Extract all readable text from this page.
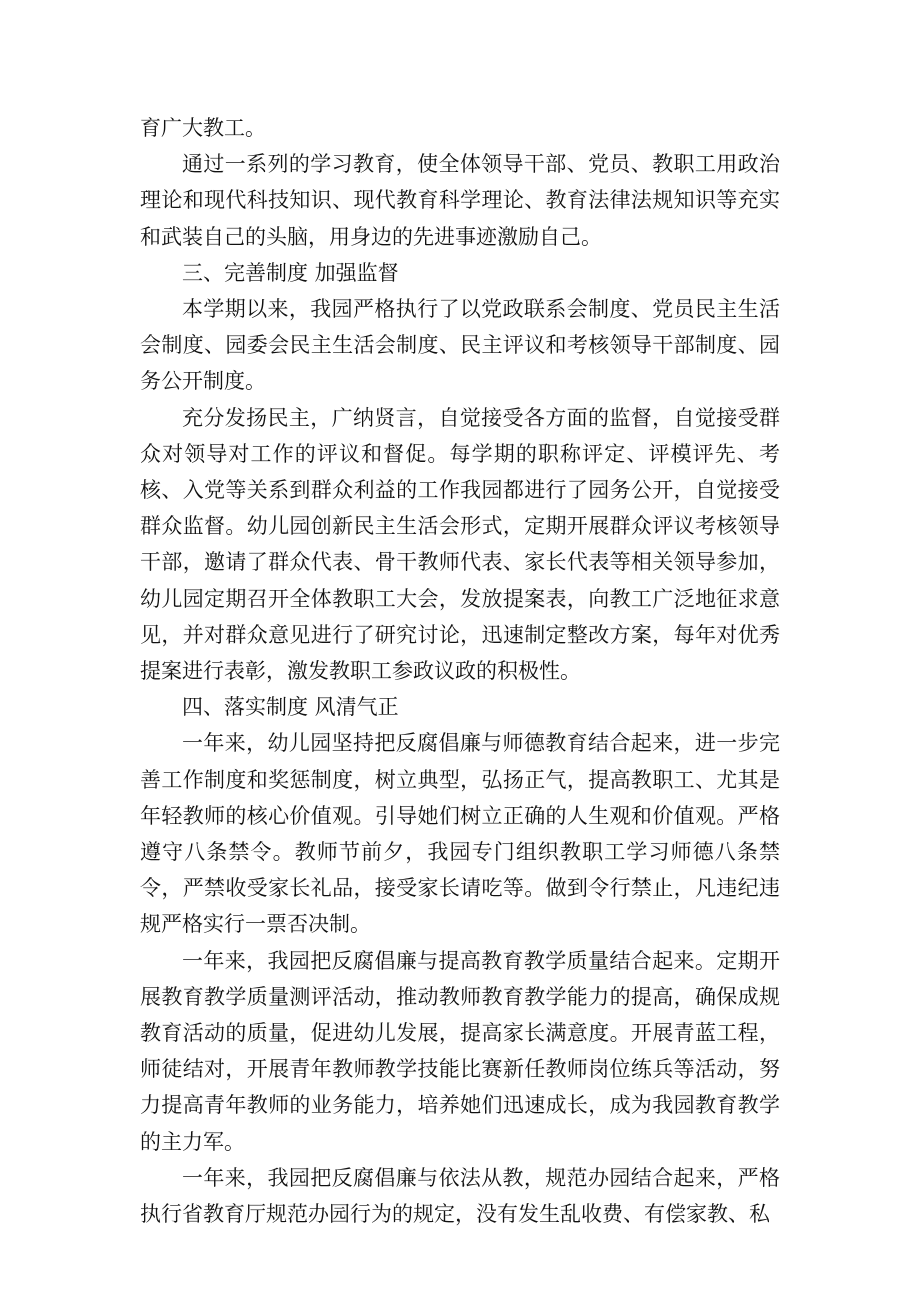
育广大教工。

通过一系列的学习教育，使全体领导干部、党员、教职工用政治理论和现代科技知识、现代教育科学理论、教育法律法规知识等充实和武装自己的头脑，用身边的先进事迹激励自己。

三、完善制度 加强监督

本学期以来，我园严格执行了以党政联系会制度、党员民主生活会制度、园委会民主生活会制度、民主评议和考核领导干部制度、园务公开制度。

充分发扬民主，广纳贤言，自觉接受各方面的监督，自觉接受群众对领导对工作的评议和督促。每学期的职称评定、评模评先、考核、入党等关系到群众利益的工作我园都进行了园务公开，自觉接受群众监督。幼儿园创新民主生活会形式，定期开展群众评议考核领导干部，邀请了群众代表、骨干教师代表、家长代表等相关领导参加，幼儿园定期召开全体教职工大会，发放提案表，向教工广泛地征求意见，并对群众意见进行了研究讨论，迅速制定整改方案，每年对优秀提案进行表彰，激发教职工参政议政的积极性。

四、落实制度 风清气正

一年来，幼儿园坚持把反腐倡廉与师德教育结合起来，进一步完善工作制度和奖惩制度，树立典型，弘扬正气，提高教职工、尤其是年轻教师的核心价值观。引导她们树立正确的人生观和价值观。严格遵守八条禁令。教师节前夕，我园专门组织教职工学习师德八条禁令，严禁收受家长礼品，接受家长请吃等。做到令行禁止，凡违纪违规严格实行一票否决制。

一年来，我园把反腐倡廉与提高教育教学质量结合起来。定期开展教育教学质量测评活动，推动教师教育教学能力的提高，确保成规教育活动的质量，促进幼儿发展，提高家长满意度。开展青蓝工程，师徒结对，开展青年教师教学技能比赛新任教师岗位练兵等活动，努力提高青年教师的业务能力，培养她们迅速成长，成为我园教育教学的主力军。

一年来，我园把反腐倡廉与依法从教，规范办园结合起来，严格执行省教育厅规范办园行为的规定，没有发生乱收费、有偿家教、私
